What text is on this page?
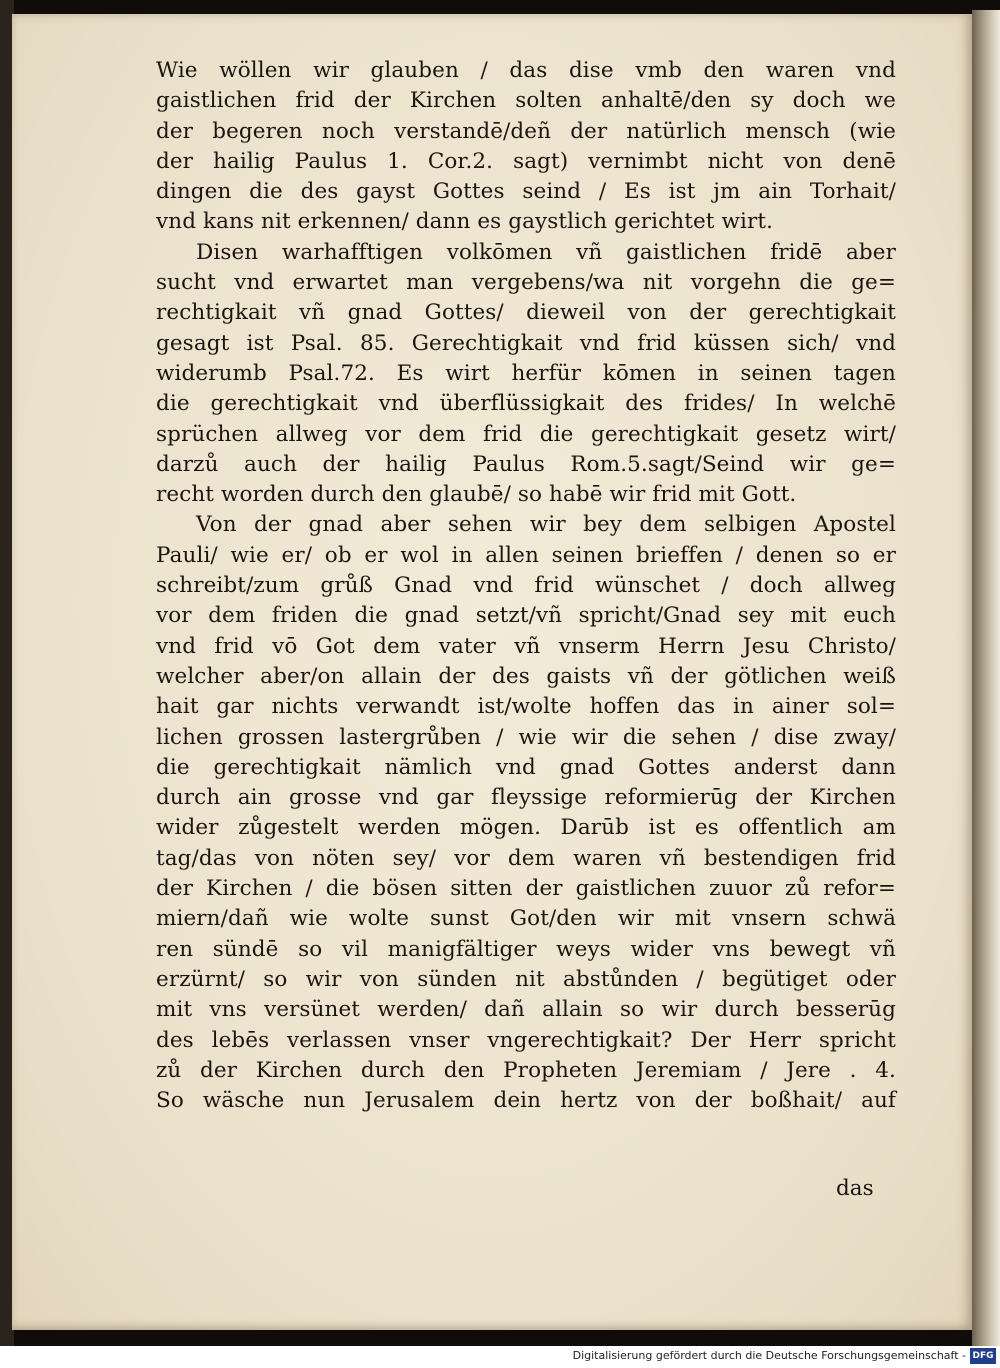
Wie wöllen wir glauben / das dise vmb den waren vnd
gaistlichen frid der Kirchen solten anhaltē/den sy doch we
der begeren noch verstandē/deñ der natürlich mensch (wie
der hailig Paulus 1. Cor.2. sagt) vernimbt nicht von denē
dingen die des gayst Gottes seind / Es ist jm ain Torhait/
vnd kans nit erkennen/ dann es gaystlich gerichtet wirt.
Disen warhafftigen volkōmen vñ gaistlichen fridē aber
sucht vnd erwartet man vergebens/wa nit vorgehn die ge=
rechtigkait vñ gnad Gottes/ dieweil von der gerechtigkait
gesagt ist Psal. 85. Gerechtigkait vnd frid küssen sich/ vnd
widerumb Psal.72. Es wirt herfür kōmen in seinen tagen
die gerechtigkait vnd überflüssigkait des frides/ In welchē
sprüchen allweg vor dem frid die gerechtigkait gesetz wirt/
darzů auch der hailig Paulus Rom.5.sagt/Seind wir ge=
recht worden durch den glaubē/ so habē wir frid mit Gott.
Von der gnad aber sehen wir bey dem selbigen Apostel
Pauli/ wie er/ ob er wol in allen seinen brieffen / denen so er
schreibt/zum grůß Gnad vnd frid wünschet / doch allweg
vor dem friden die gnad setzt/vñ spricht/Gnad sey mit euch
vnd frid vō Got dem vater vñ vnserm Herrn Jesu Christo/
welcher aber/on allain der des gaists vñ der götlichen weiß
hait gar nichts verwandt ist/wolte hoffen das in ainer sol=
lichen grossen lastergrůben / wie wir die sehen / dise zway/
die gerechtigkait nämlich vnd gnad Gottes anderst dann
durch ain grosse vnd gar fleyssige reformierūg der Kirchen
wider zůgestelt werden mögen. Darūb ist es offentlich am
tag/das von nöten sey/ vor dem waren vñ bestendigen frid
der Kirchen / die bösen sitten der gaistlichen zuuor zů refor=
miern/dañ wie wolte sunst Got/den wir mit vnsern schwä
ren sündē so vil manigfältiger weys wider vns bewegt vñ
erzürnt/ so wir von sünden nit abstůnden / begütiget oder
mit vns versünet werden/ dañ allain so wir durch besserūg
des lebēs verlassen vnser vngerechtigkait? Der Herr spricht
zů der Kirchen durch den Propheten Jeremiam / Jere . 4.
So wäsche nun Jerusalem dein hertz von der boßhait/ auf
das
Digitalisierung gefördert durch die Deutsche Forschungsgemeinschaft - DFG
